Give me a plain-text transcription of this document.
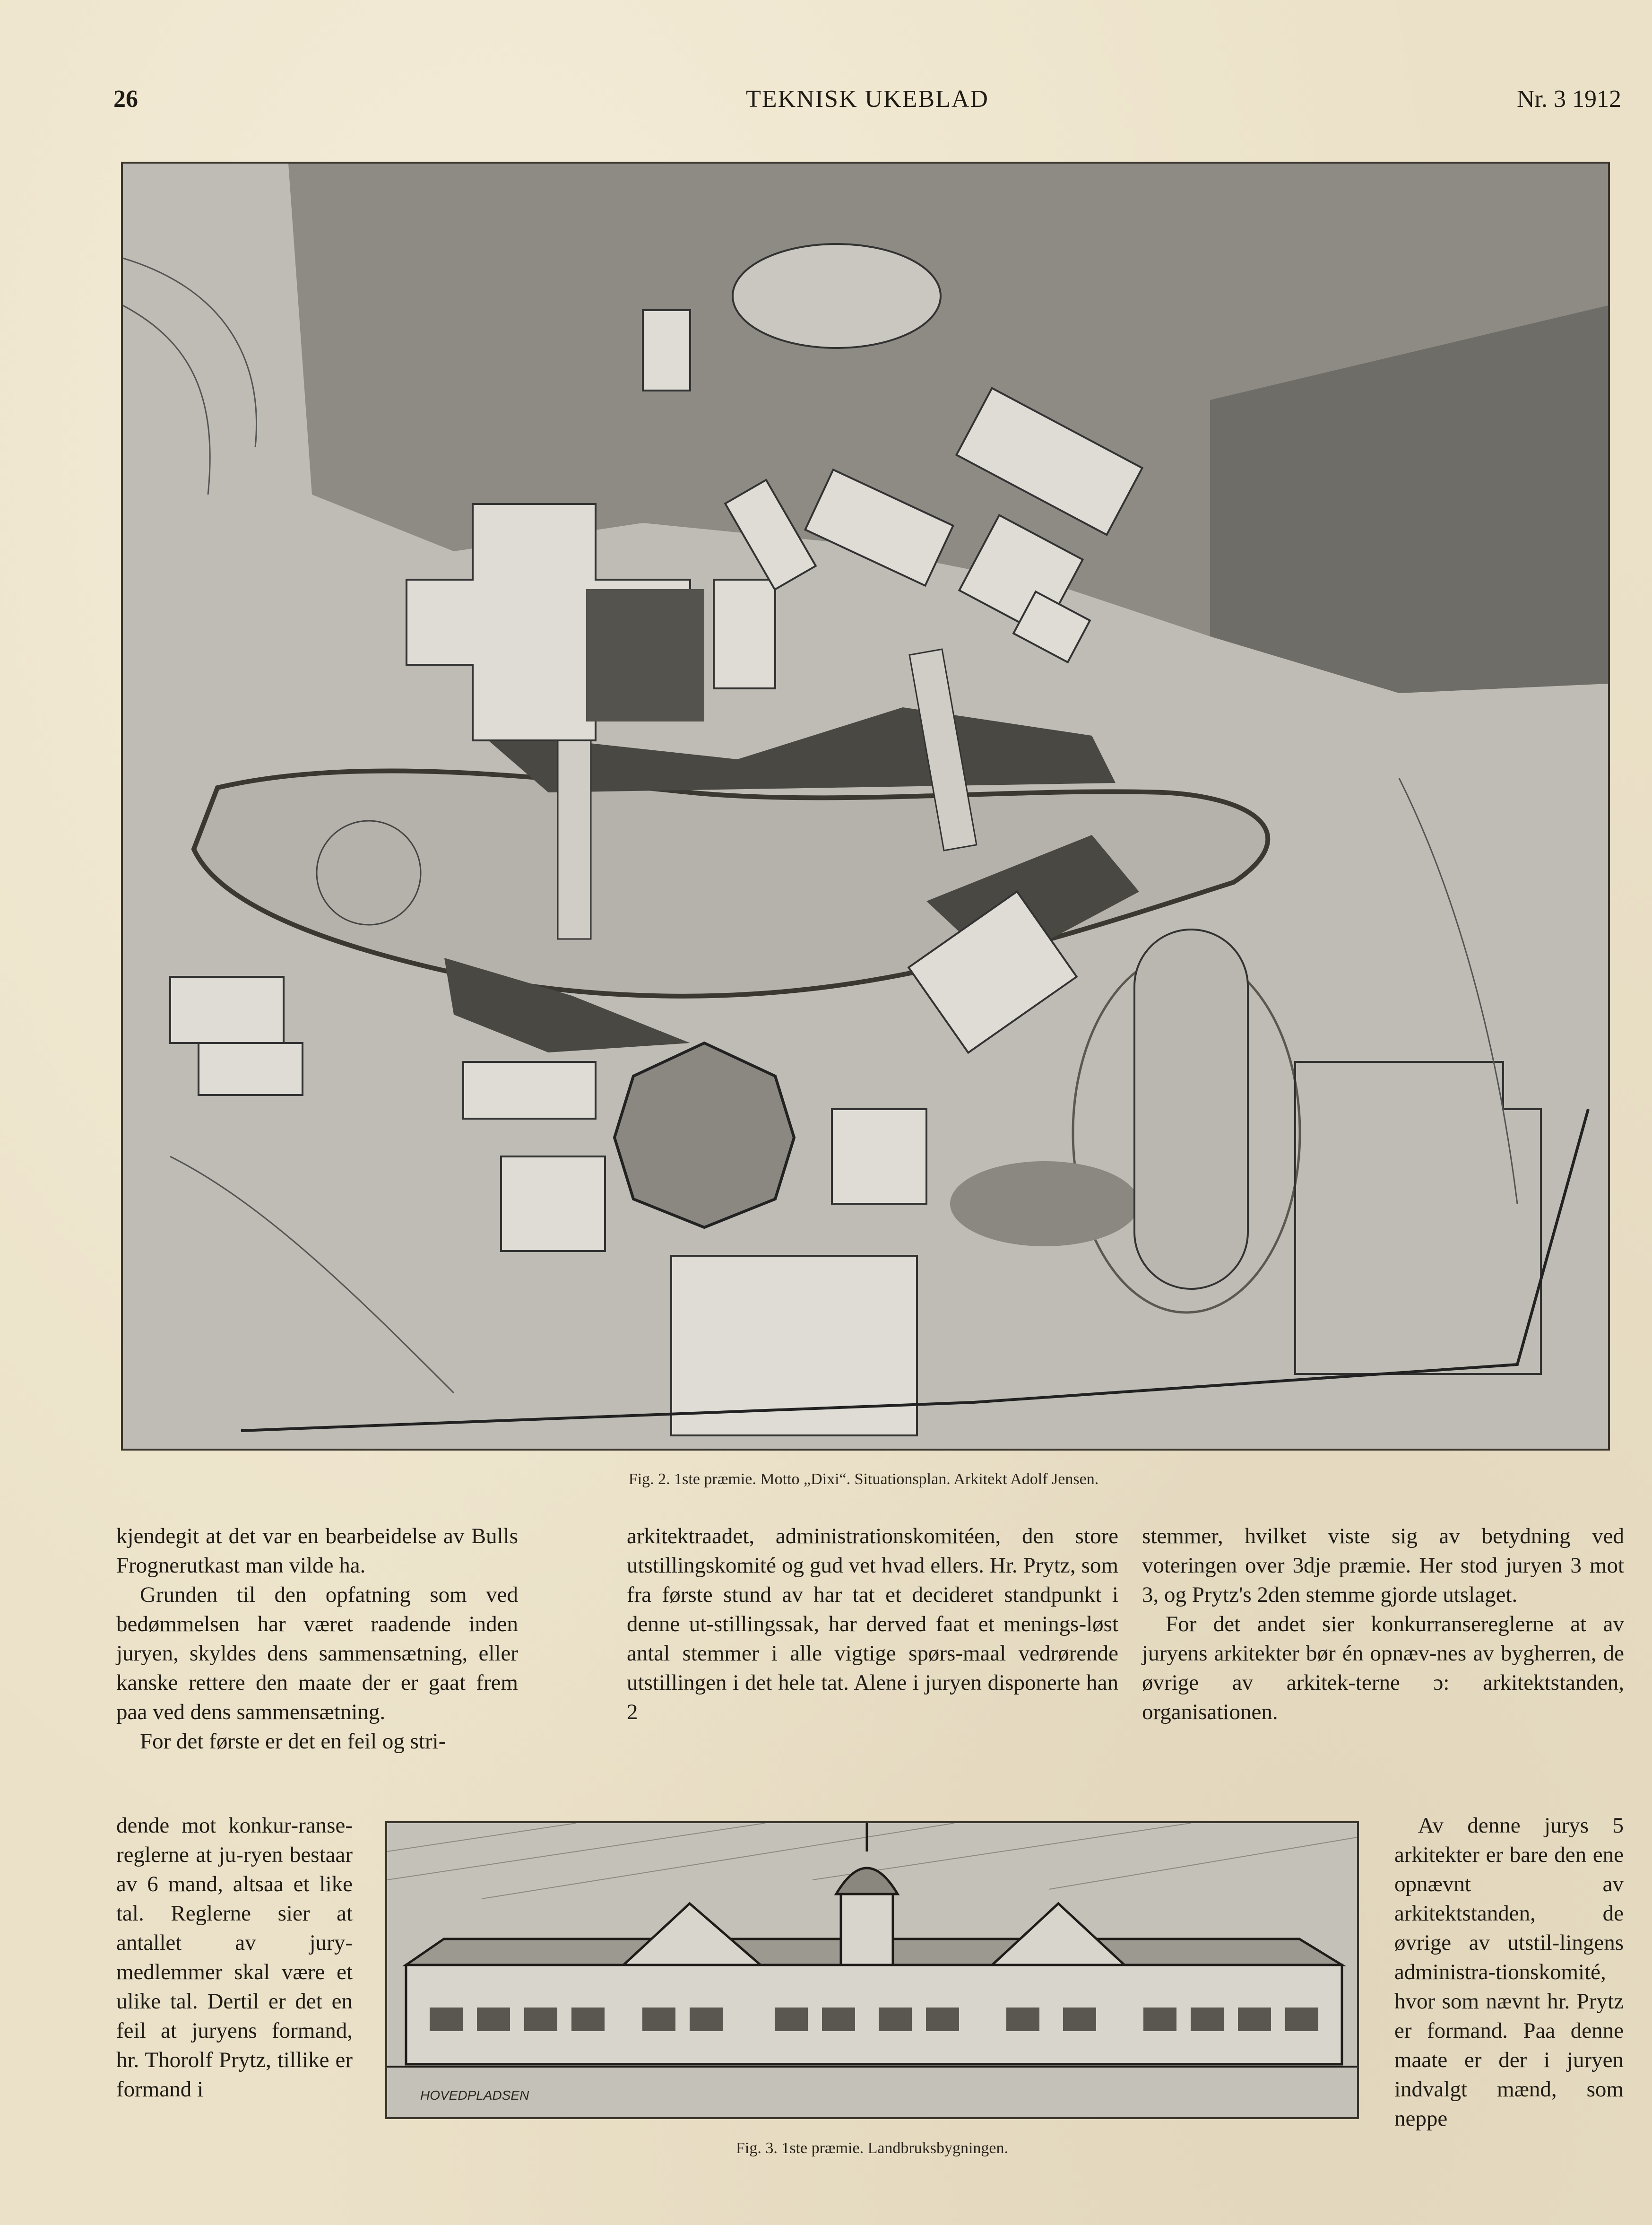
26	TEKNISK UKEBLAD	Nr. 3 1912
Fig. 2. 1ste præmie. Motto „Dixi“. Situationsplan. Arkitekt Adolf Jensen.

kjendegit at det var en bearbeidelse av Bulls Frognerutkast man vilde ha.

Grunden til den opfatning som ved bedømmelsen har været raadende inden juryen, skyldes dens sammensætning, eller kanske rettere den maate der er gaat frem paa ved dens sammensætning.

For det første er det en feil og stri-

arkitektraadet, administrationskomitéen, den store utstillingskomité og gud vet hvad ellers. Hr. Prytz, som fra første stund av har tat et decideret standpunkt i denne ut-stillingssak, har derved faat et menings-løst antal stemmer i alle vigtige spørs-maal vedrørende utstillingen i det hele tat. Alene i juryen disponerte han 2

stemmer, hvilket viste sig av betydning ved voteringen over 3dje præmie. Her stod juryen 3 mot 3, og Prytz's 2den stemme gjorde utslaget.

For det andet sier konkurransereglerne at av juryens arkitekter bør én opnæv-nes av bygherren, de øvrige av arkitek-terne ɔ: arkitektstanden, organisationen.

dende mot konkur-ransereglerne at ju-ryen bestaar av 6 mand, altsaa et like tal. Reglerne sier at antallet av jury-medlemmer skal være et ulike tal. Dertil er det en feil at juryens formand, hr. Thorolf Prytz, tillike er formand i

Av denne jurys 5 arkitekter er bare den ene opnævnt av arkitektstanden, de øvrige av utstil-lingens administra-tionskomité, hvor som nævnt hr. Prytz er formand. Paa denne maate er der i juryen indvalgt mænd, som neppe

HOVEDPLADSEN
Fig. 3. 1ste præmie. Landbruksbygningen.
